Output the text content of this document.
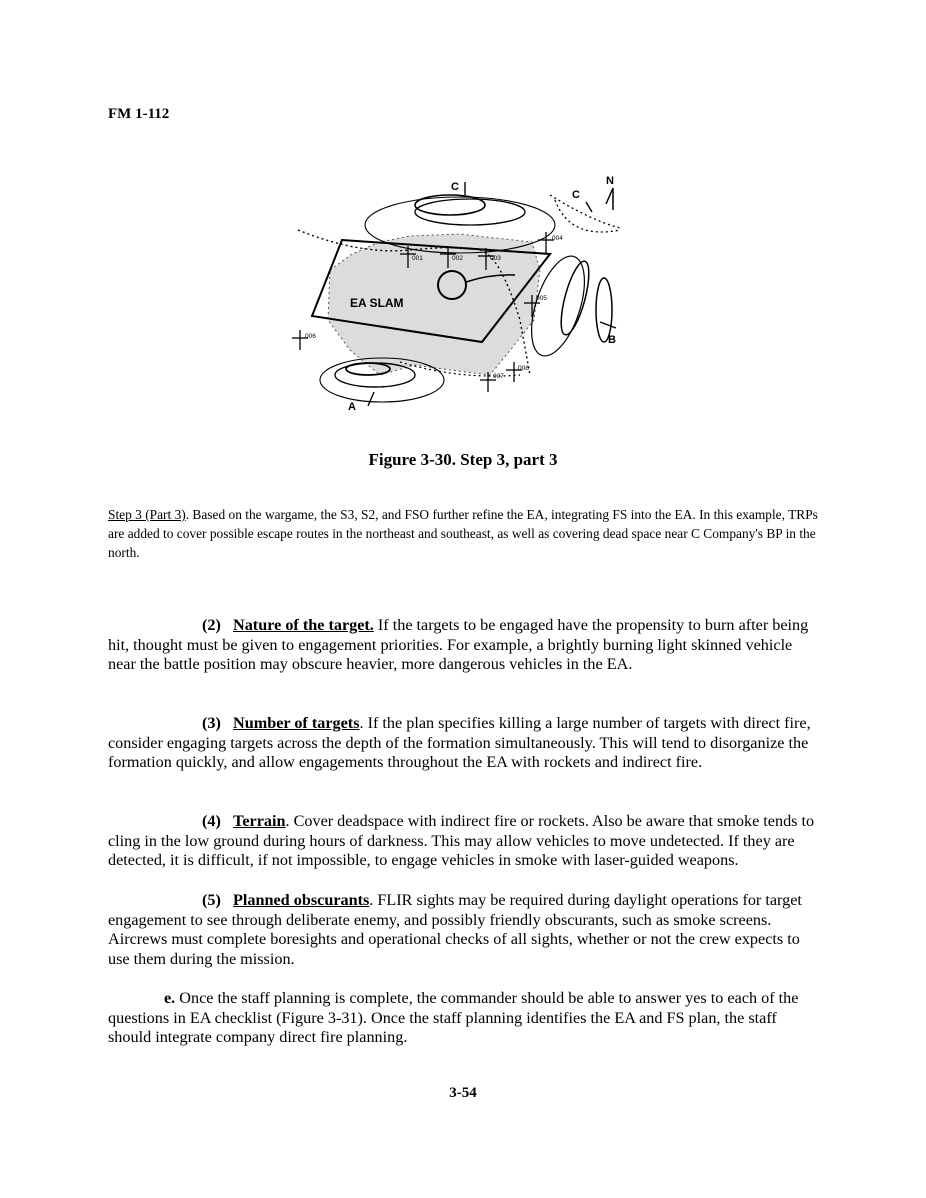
FM 1-112
N
C
C
B
A
EA SLAM
001	002	003
004
005
006
007
008
Figure 3-30. Step 3, part 3
Step 3 (Part 3). Based on the wargame, the S3, S2, and FSO further refine the EA, integrating FS into the EA. In this example, TRPs are added to cover possible escape routes in the northeast and southeast, as well as covering dead space near C Company's BP in the north.

(2) Nature of the target. If the targets to be engaged have the propensity to burn after being hit, thought must be given to engagement priorities. For example, a brightly burning light skinned vehicle near the battle position may obscure heavier, more dangerous vehicles in the EA.

(3) Number of targets. If the plan specifies killing a large number of targets with direct fire, consider engaging targets across the depth of the formation simultaneously. This will tend to disorganize the formation quickly, and allow engagements throughout the EA with rockets and indirect fire.

(4) Terrain. Cover deadspace with indirect fire or rockets. Also be aware that smoke tends to cling in the low ground during hours of darkness. This may allow vehicles to move undetected. If they are detected, it is difficult, if not impossible, to engage vehicles in smoke with laser-guided weapons.

(5) Planned obscurants. FLIR sights may be required during daylight operations for target engagement to see through deliberate enemy, and possibly friendly obscurants, such as smoke screens. Aircrews must complete boresights and operational checks of all sights, whether or not the crew expects to use them during the mission.

e. Once the staff planning is complete, the commander should be able to answer yes to each of the questions in EA checklist (Figure 3-31). Once the staff planning identifies the EA and FS plan, the staff should integrate company direct fire planning.

3-54
